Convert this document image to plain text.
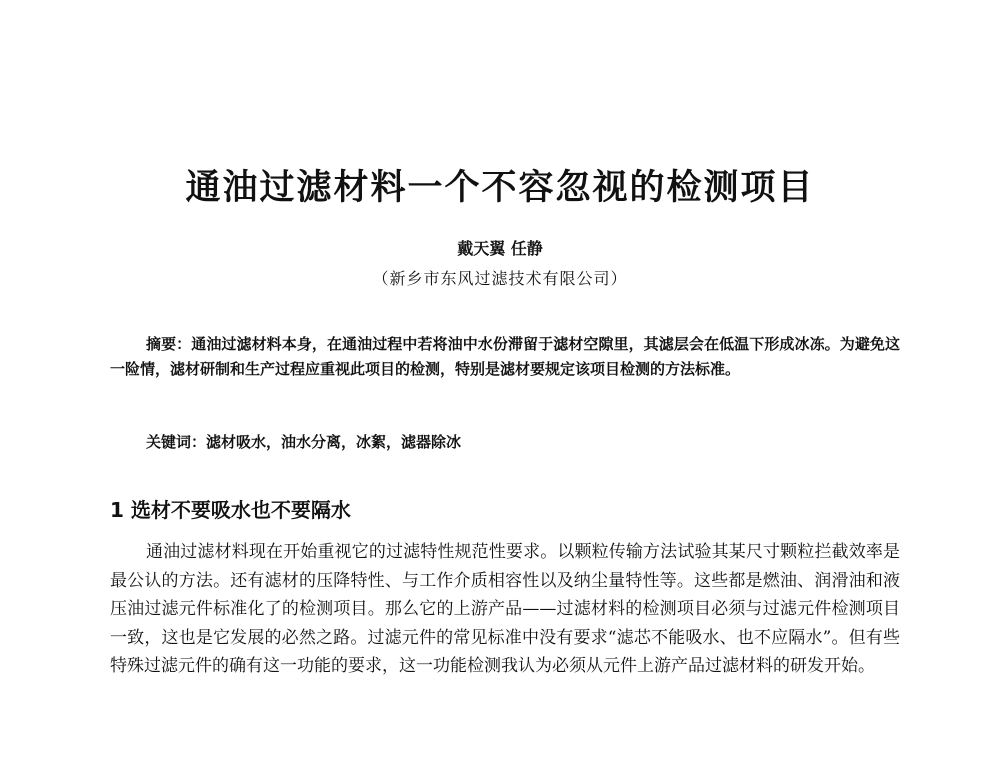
通油过滤材料一个不容忽视的检测项目

戴天翼 任静

（新乡市东风过滤技术有限公司）

摘要：通油过滤材料本身，在通油过程中若将油中水份滞留于滤材空隙里，其滤层会在低温下形成冰冻。为避免这一险情，滤材研制和生产过程应重视此项目的检测，特别是滤材要规定该项目检测的方法标准。

关键词：滤材吸水，油水分离，冰絮，滤器除冰

1 选材不要吸水也不要隔水

通油过滤材料现在开始重视它的过滤特性规范性要求。以颗粒传输方法试验其某尺寸颗粒拦截效率是最公认的方法。还有滤材的压降特性、与工作介质相容性以及纳尘量特性等。这些都是燃油、润滑油和液压油过滤元件标准化了的检测项目。那么它的上游产品——过滤材料的检测项目必须与过滤元件检测项目一致，这也是它发展的必然之路。过滤元件的常见标准中没有要求“滤芯不能吸水、也不应隔水”。但有些特殊过滤元件的确有这一功能的要求，这一功能检测我认为必须从元件上游产品过滤材料的研发开始。
